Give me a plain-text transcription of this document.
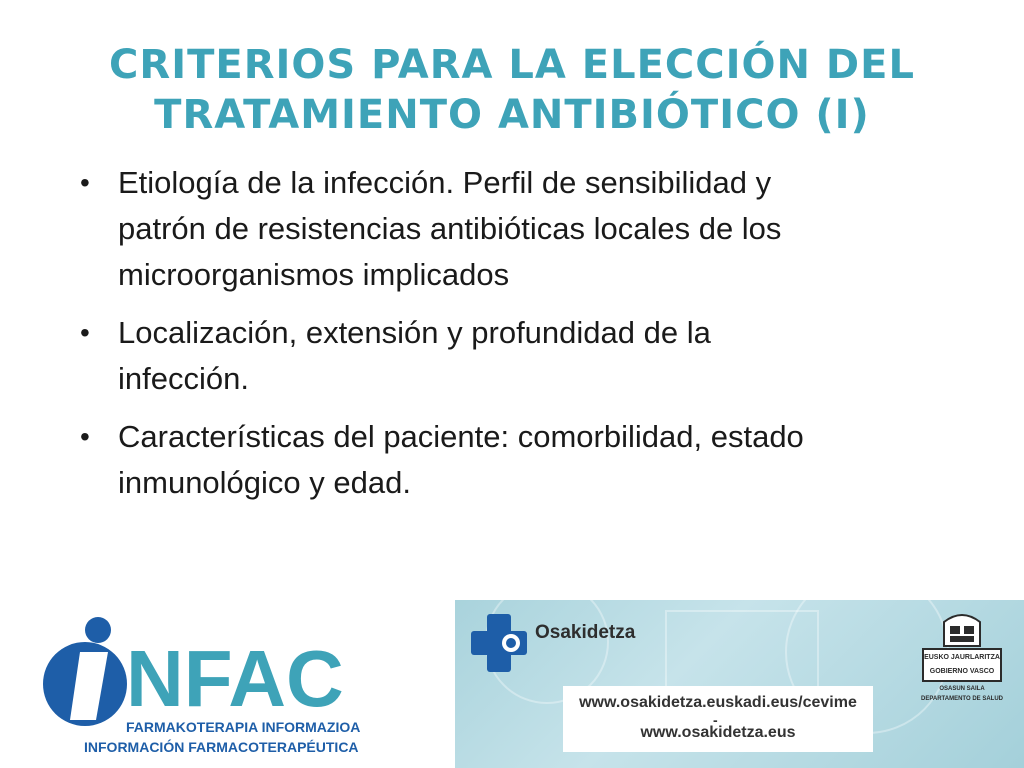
CRITERIOS PARA LA ELECCIÓN DEL
TRATAMIENTO ANTIBIÓTICO (I)
• Etiología de la infección. Perfil de sensibilidad y
patrón de resistencias antibióticas locales de los
microorganismos implicados
• Localización, extensión y profundidad de la
infección.
• Características del paciente: comorbilidad, estado
inmunológico y edad.
NFAC
FARMAKOTERAPIA INFORMAZIOA
INFORMACIÓN FARMACOTERAPÉUTICA
Osakidetza
www.osakidetza.euskadi.eus/cevime
-
www.osakidetza.eus
EUSKO JAURLARITZA
GOBIERNO VASCO
OSASUN SAILA
DEPARTAMENTO DE SALUD
